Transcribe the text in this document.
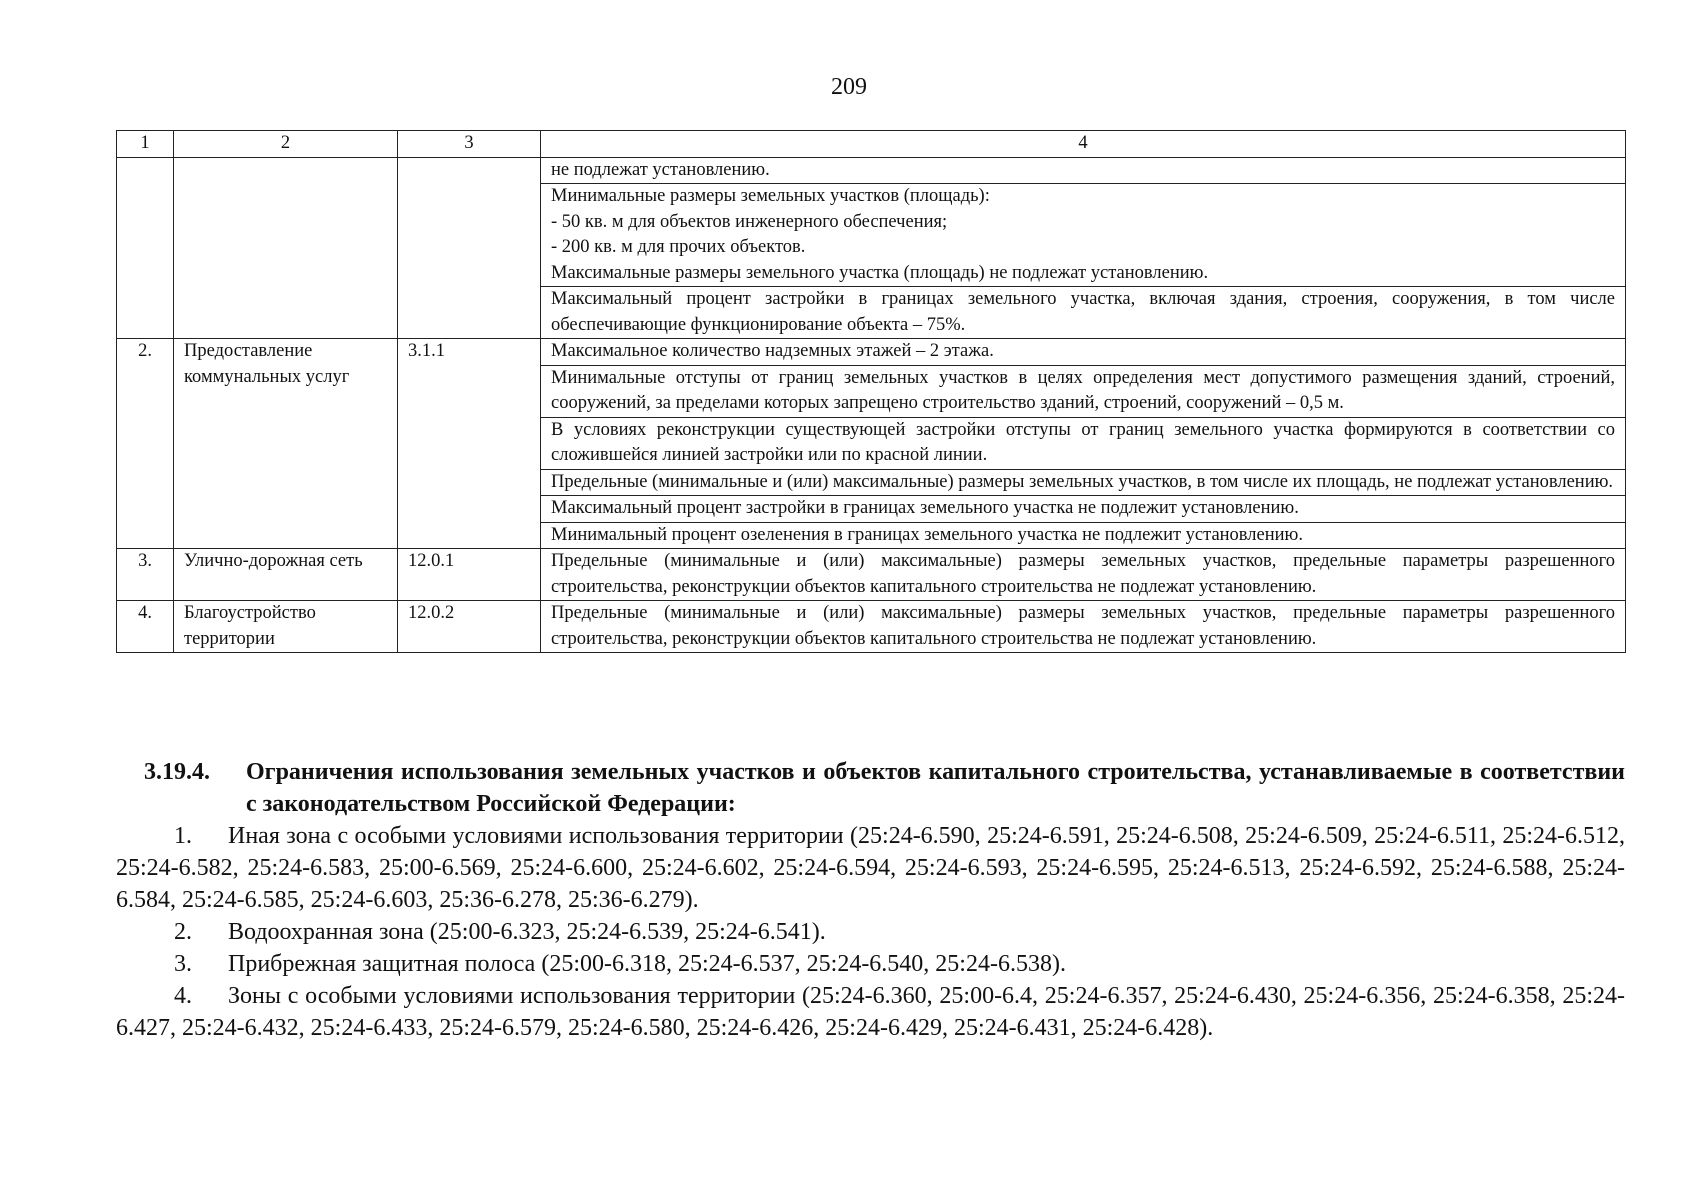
209
1	2	3	4
			не подлежат установлению.

			Минимальные размеры земельных участков (площадь):
- 50 кв. м для объектов инженерного обеспечения;
- 200 кв. м для прочих объектов.
Максимальные размеры земельного участка (площадь) не подлежат установлению.

			Максимальный процент застройки в границах земельного участка, включая здания, строения, сооружения, в том числе обеспечивающие функционирование объекта – 75%.
2.	Предоставление коммунальных услуг	3.1.1	Максимальное количество надземных этажей – 2 этажа.
			Минимальные отступы от границ земельных участков в целях определения мест допустимого размещения зданий, строений, сооружений, за пределами которых запрещено строительство зданий, строений, сооружений – 0,5 м.
			В условиях реконструкции существующей застройки отступы от границ земельного участка формируются в соответствии со сложившейся линией застройки или по красной линии.
			Предельные (минимальные и (или) максимальные) размеры земельных участков, в том числе их площадь, не подлежат установлению.
			Максимальный процент застройки в границах земельного участка не подлежит установлению.
			Минимальный процент озеленения в границах земельного участка не подлежит установлению.
3.	Улично-дорожная сеть	12.0.1	Предельные (минимальные и (или) максимальные) размеры земельных участков, предельные параметры разрешенного строительства, реконструкции объектов капитального строительства не подлежат установлению.
4.	Благоустройство территории	12.0.2	Предельные (минимальные и (или) максимальные) размеры земельных участков, предельные параметры разрешенного строительства, реконструкции объектов капитального строительства не подлежат установлению.
3.19.4. Ограничения использования земельных участков и объектов капитального строительства, устанавливаемые в соответствии с законодательством Российской Федерации:
1. Иная зона с особыми условиями использования территории (25:24-6.590, 25:24-6.591, 25:24-6.508, 25:24-6.509, 25:24-6.511, 25:24-6.512, 25:24-6.582, 25:24-6.583, 25:00-6.569, 25:24-6.600, 25:24-6.602, 25:24-6.594, 25:24-6.593, 25:24-6.595, 25:24-6.513, 25:24-6.592, 25:24-6.588, 25:24-6.584, 25:24-6.585, 25:24-6.603, 25:36-6.278, 25:36-6.279).
2. Водоохранная зона (25:00-6.323, 25:24-6.539, 25:24-6.541).
3. Прибрежная защитная полоса (25:00-6.318, 25:24-6.537, 25:24-6.540, 25:24-6.538).
4. Зоны с особыми условиями использования территории (25:24-6.360, 25:00-6.4, 25:24-6.357, 25:24-6.430, 25:24-6.356, 25:24-6.358, 25:24-6.427, 25:24-6.432, 25:24-6.433, 25:24-6.579, 25:24-6.580, 25:24-6.426, 25:24-6.429, 25:24-6.431, 25:24-6.428).
